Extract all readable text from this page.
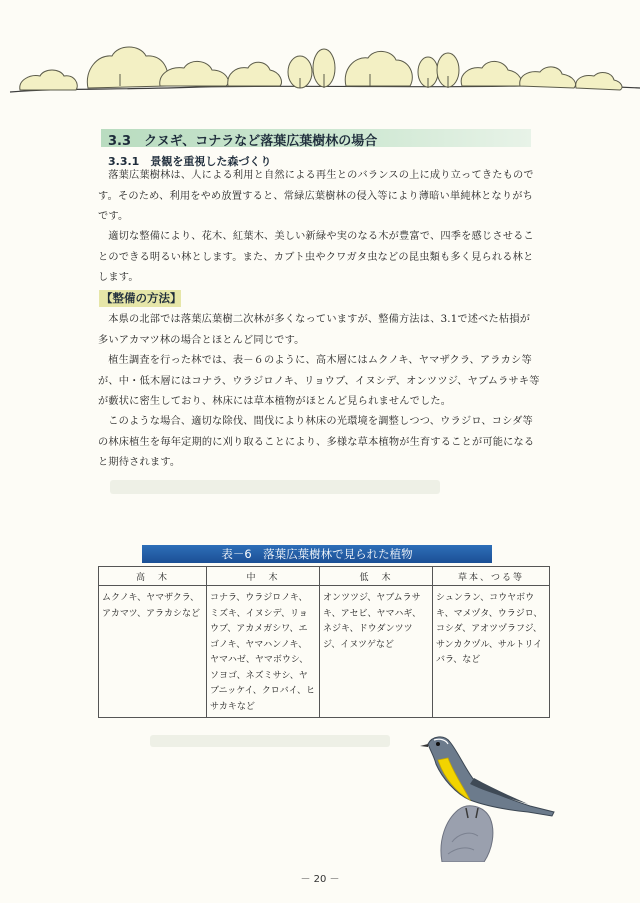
3.3　クヌギ、コナラなど落葉広葉樹林の場合
3.3.1　景観を重視した森づくり

落葉広葉樹林は、人による利用と自然による再生とのバランスの上に成り立ってきたものです。そのため、利用をやめ放置すると、常緑広葉樹林の侵入等により薄暗い単純林となりがちです。

適切な整備により、花木、紅葉木、美しい新緑や実のなる木が豊富で、四季を感じさせることのできる明るい林とします。また、カブト虫やクワガタ虫などの昆虫類も多く見られる林とします。

【整備の方法】

本県の北部では落葉広葉樹二次林が多くなっていますが、整備方法は、3.1で述べた枯損が多いアカマツ林の場合とほとんど同じです。

植生調査を行った林では、表－６のように、高木層にはムクノキ、ヤマザクラ、アラカシ等が、中・低木層にはコナラ、ウラジロノキ、リョウブ、イヌシデ、オンツツジ、ヤブムラサキ等が藪状に密生しており、林床には草本植物がほとんど見られませんでした。

このような場合、適切な除伐、間伐により林床の光環境を調整しつつ、ウラジロ、コシダ等の林床植生を毎年定期的に刈り取ることにより、多様な草本植物が生育することが可能になると期待されます。

表－6　落葉広葉樹林で見られた植物
高　木	中　木	低　木	草本、つる等
ムクノキ、ヤマザクラ、アカマツ、アラカシなど	コナラ、ウラジロノキ、ミズキ、イヌシデ、リョウブ、アカメガシワ、エゴノキ、ヤマハンノキ、ヤマハゼ、ヤマボウシ、ソヨゴ、ネズミサシ、ヤブニッケイ、クロバイ、ヒサカキなど	オンツツジ、ヤブムラサキ、アセビ、ヤマハギ、ネジキ、ドウダンツツジ、イヌツゲなど	シュンラン、コウヤボウキ、マメヅタ、ウラジロ、コシダ、アオツヅラフジ、サンカクヅル、サルトリイバラ、など
－ 20 －
